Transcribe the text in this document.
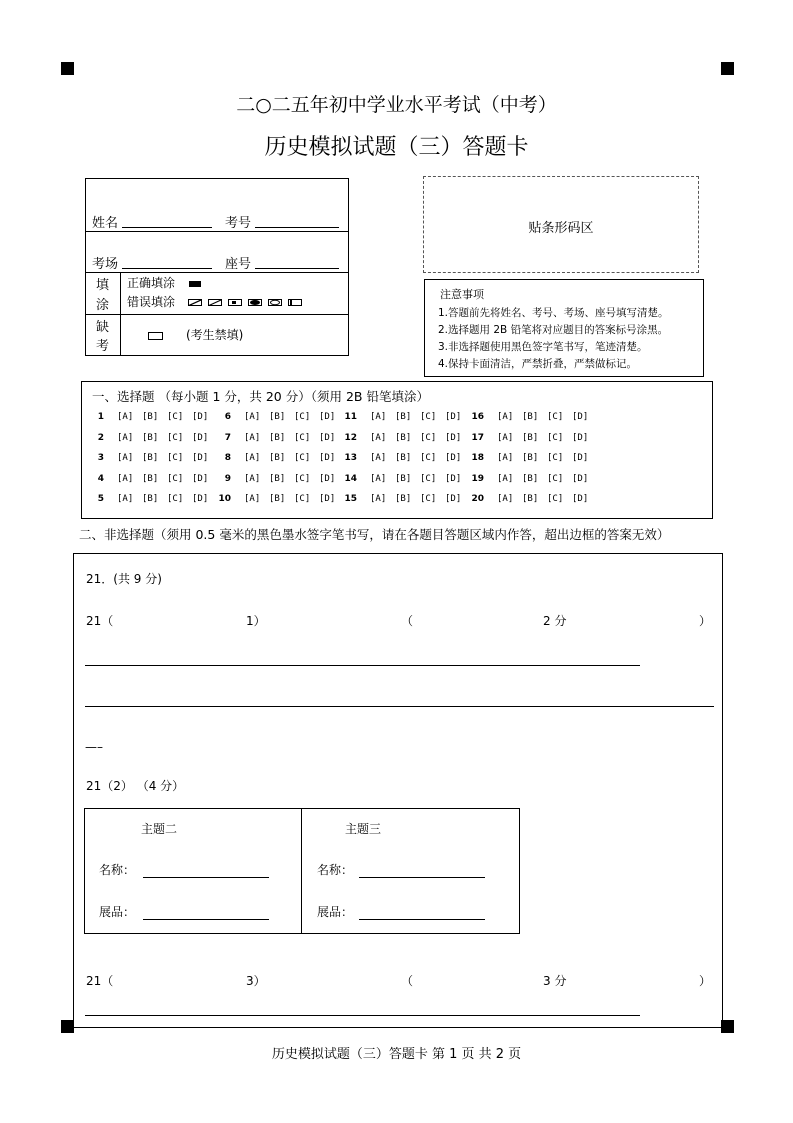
二○二五年初中学业水平考试（中考）
历史模拟试题（三）答题卡
姓名	考号
考场	座号
填
涂
正确填涂
错误填涂
缺
考
(考生禁填)
贴条形码区
注意事项
1.答题前先将姓名、考号、考场、座号填写清楚。
2.选择题用 2B 铅笔将对应题目的答案标号涂黑。
3.非选择题使用黑色签字笔书写，笔迹清楚。
4.保持卡面清洁，严禁折叠，严禁做标记。
一、选择题 （每小题 1 分，共 20 分）（须用 2B 铅笔填涂）
1 [A] [B] [C] [D]
2 [A] [B] [C] [D]
3 [A] [B] [C] [D]
4 [A] [B] [C] [D]
5 [A] [B] [C] [D]
6 [A] [B] [C] [D]
7 [A] [B] [C] [D]
8 [A] [B] [C] [D]
9 [A] [B] [C] [D]
10 [A] [B] [C] [D]
11 [A] [B] [C] [D]
12 [A] [B] [C] [D]
13 [A] [B] [C] [D]
14 [A] [B] [C] [D]
15 [A] [B] [C] [D]
16 [A] [B] [C] [D]
17 [A] [B] [C] [D]
18 [A] [B] [C] [D]
19 [A] [B] [C] [D]
20 [A] [B] [C] [D]
二、非选择题（须用 0.5 毫米的黑色墨水签字笔书写，请在各题目答题区域内作答，超出边框的答案无效）
21．(共 9 分)
21（	1）	（	2 分	）
—–
21（2） （4 分）
主题二
名称：
展品：
主题三
名称：
展品：
21（	3）	（	3 分	）
历史模拟试题（三）答题卡 第 1 页 共 2 页
